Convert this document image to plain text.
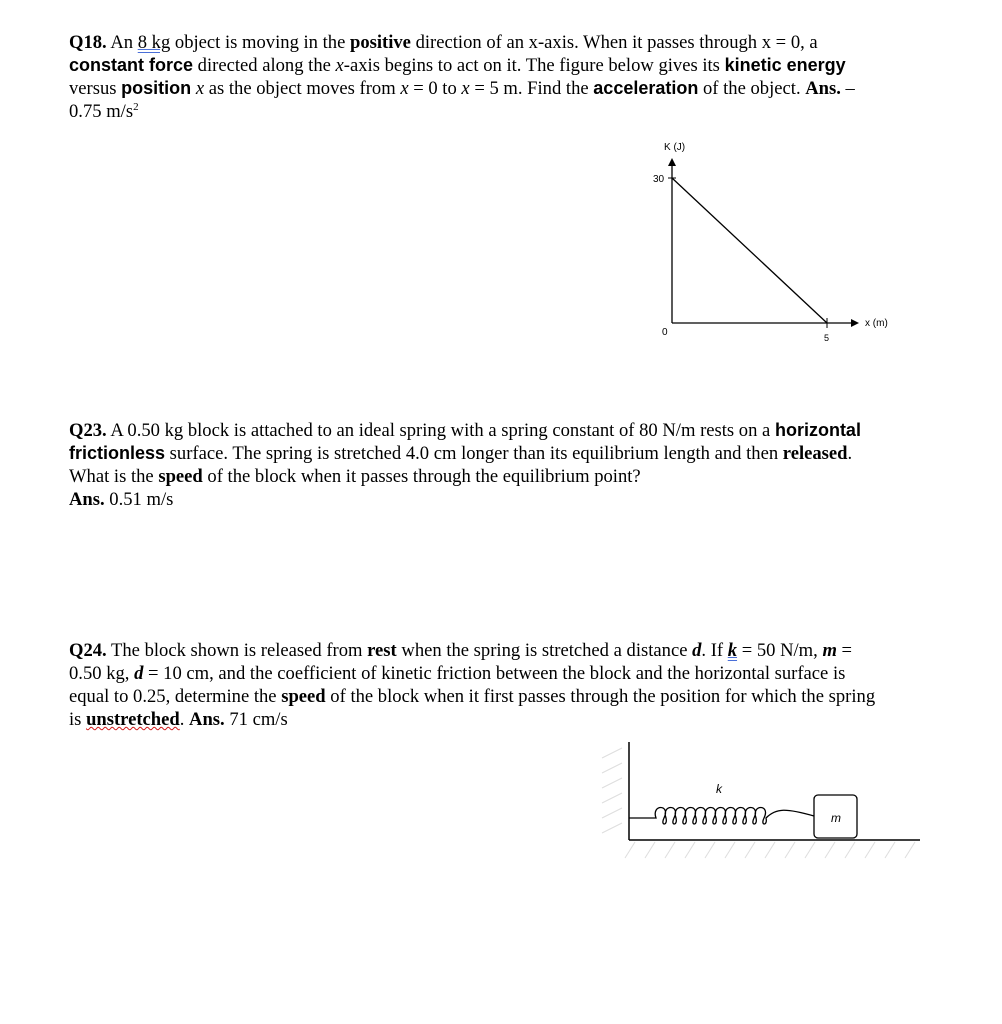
Q18. An 8 kg object is moving in the positive direction of an x-axis. When it passes through x = 0, a constant force directed along the x-axis begins to act on it. The figure below gives its kinetic energy versus position x as the object moves from x = 0 to x = 5 m. Find the acceleration of the object. Ans. – 0.75 $m/s^2$
K (J)
30
0	5
x (m)
Q23. A 0.50 kg block is attached to an ideal spring with a spring constant of 80 N/m rests on a horizontal frictionless surface. The spring is stretched 4.0 cm longer than its equilibrium length and then released. What is the speed of the block when it passes through the equilibrium point?
Ans. 0.51 m/s
Q24. The block shown is released from rest when the spring is stretched a distance d. If k = 50 N/m, m = 0.50 kg, d = 10 cm, and the coefficient of kinetic friction between the block and the horizontal surface is equal to 0.25, determine the speed of the block when it first passes through the position for which the spring is unstretched. Ans. 71 cm/s
k
m
